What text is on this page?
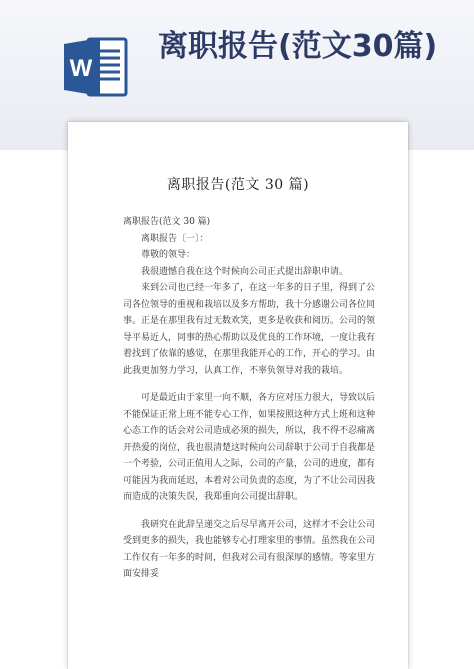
W
离职报告(范文30篇)
离职报告(范文 30 篇)

离职报告(范文 30 篇)

离职报告〔一〕：

尊敬的领导：

我很遗憾自我在这个时候向公司正式提出辞职申请。

来到公司也已经一年多了，在这一年多的日子里，得到了公司各位领导的重视和栽培以及多方帮助，我十分感谢公司各位同事。正是在那里我有过无数欢笑，更多是收获和阅历。公司的领导平易近人，同事的热心帮助以及优良的工作环境，一度让我有着找到了依靠的感觉，在那里我能开心的工作，开心的学习。由此我更加努力学习，认真工作，不辜负领导对我的栽培。

可是最近由于家里一向不顺，各方应对压力很大，导致以后不能保证正常上班不能专心工作，如果按照这种方式上班和这种心态工作的话会对公司造成必须的损失，所以，我不得不忍痛离开热爱的岗位，我也很清楚这时候向公司辞职于公司于自我都是一个考验，公司正值用人之际，公司的产量，公司的进度，都有可能因为我而延迟，本着对公司负责的态度，为了不让公司因我而造成的决策失误，我郑重向公司提出辞职。

我研究在此辞呈递交之后尽早离开公司，这样才不会让公司受到更多的损失，我也能够专心打理家里的事情。虽然我在公司工作仅有一年多的时间，但我对公司有很深厚的感情。等家里方面安排妥
